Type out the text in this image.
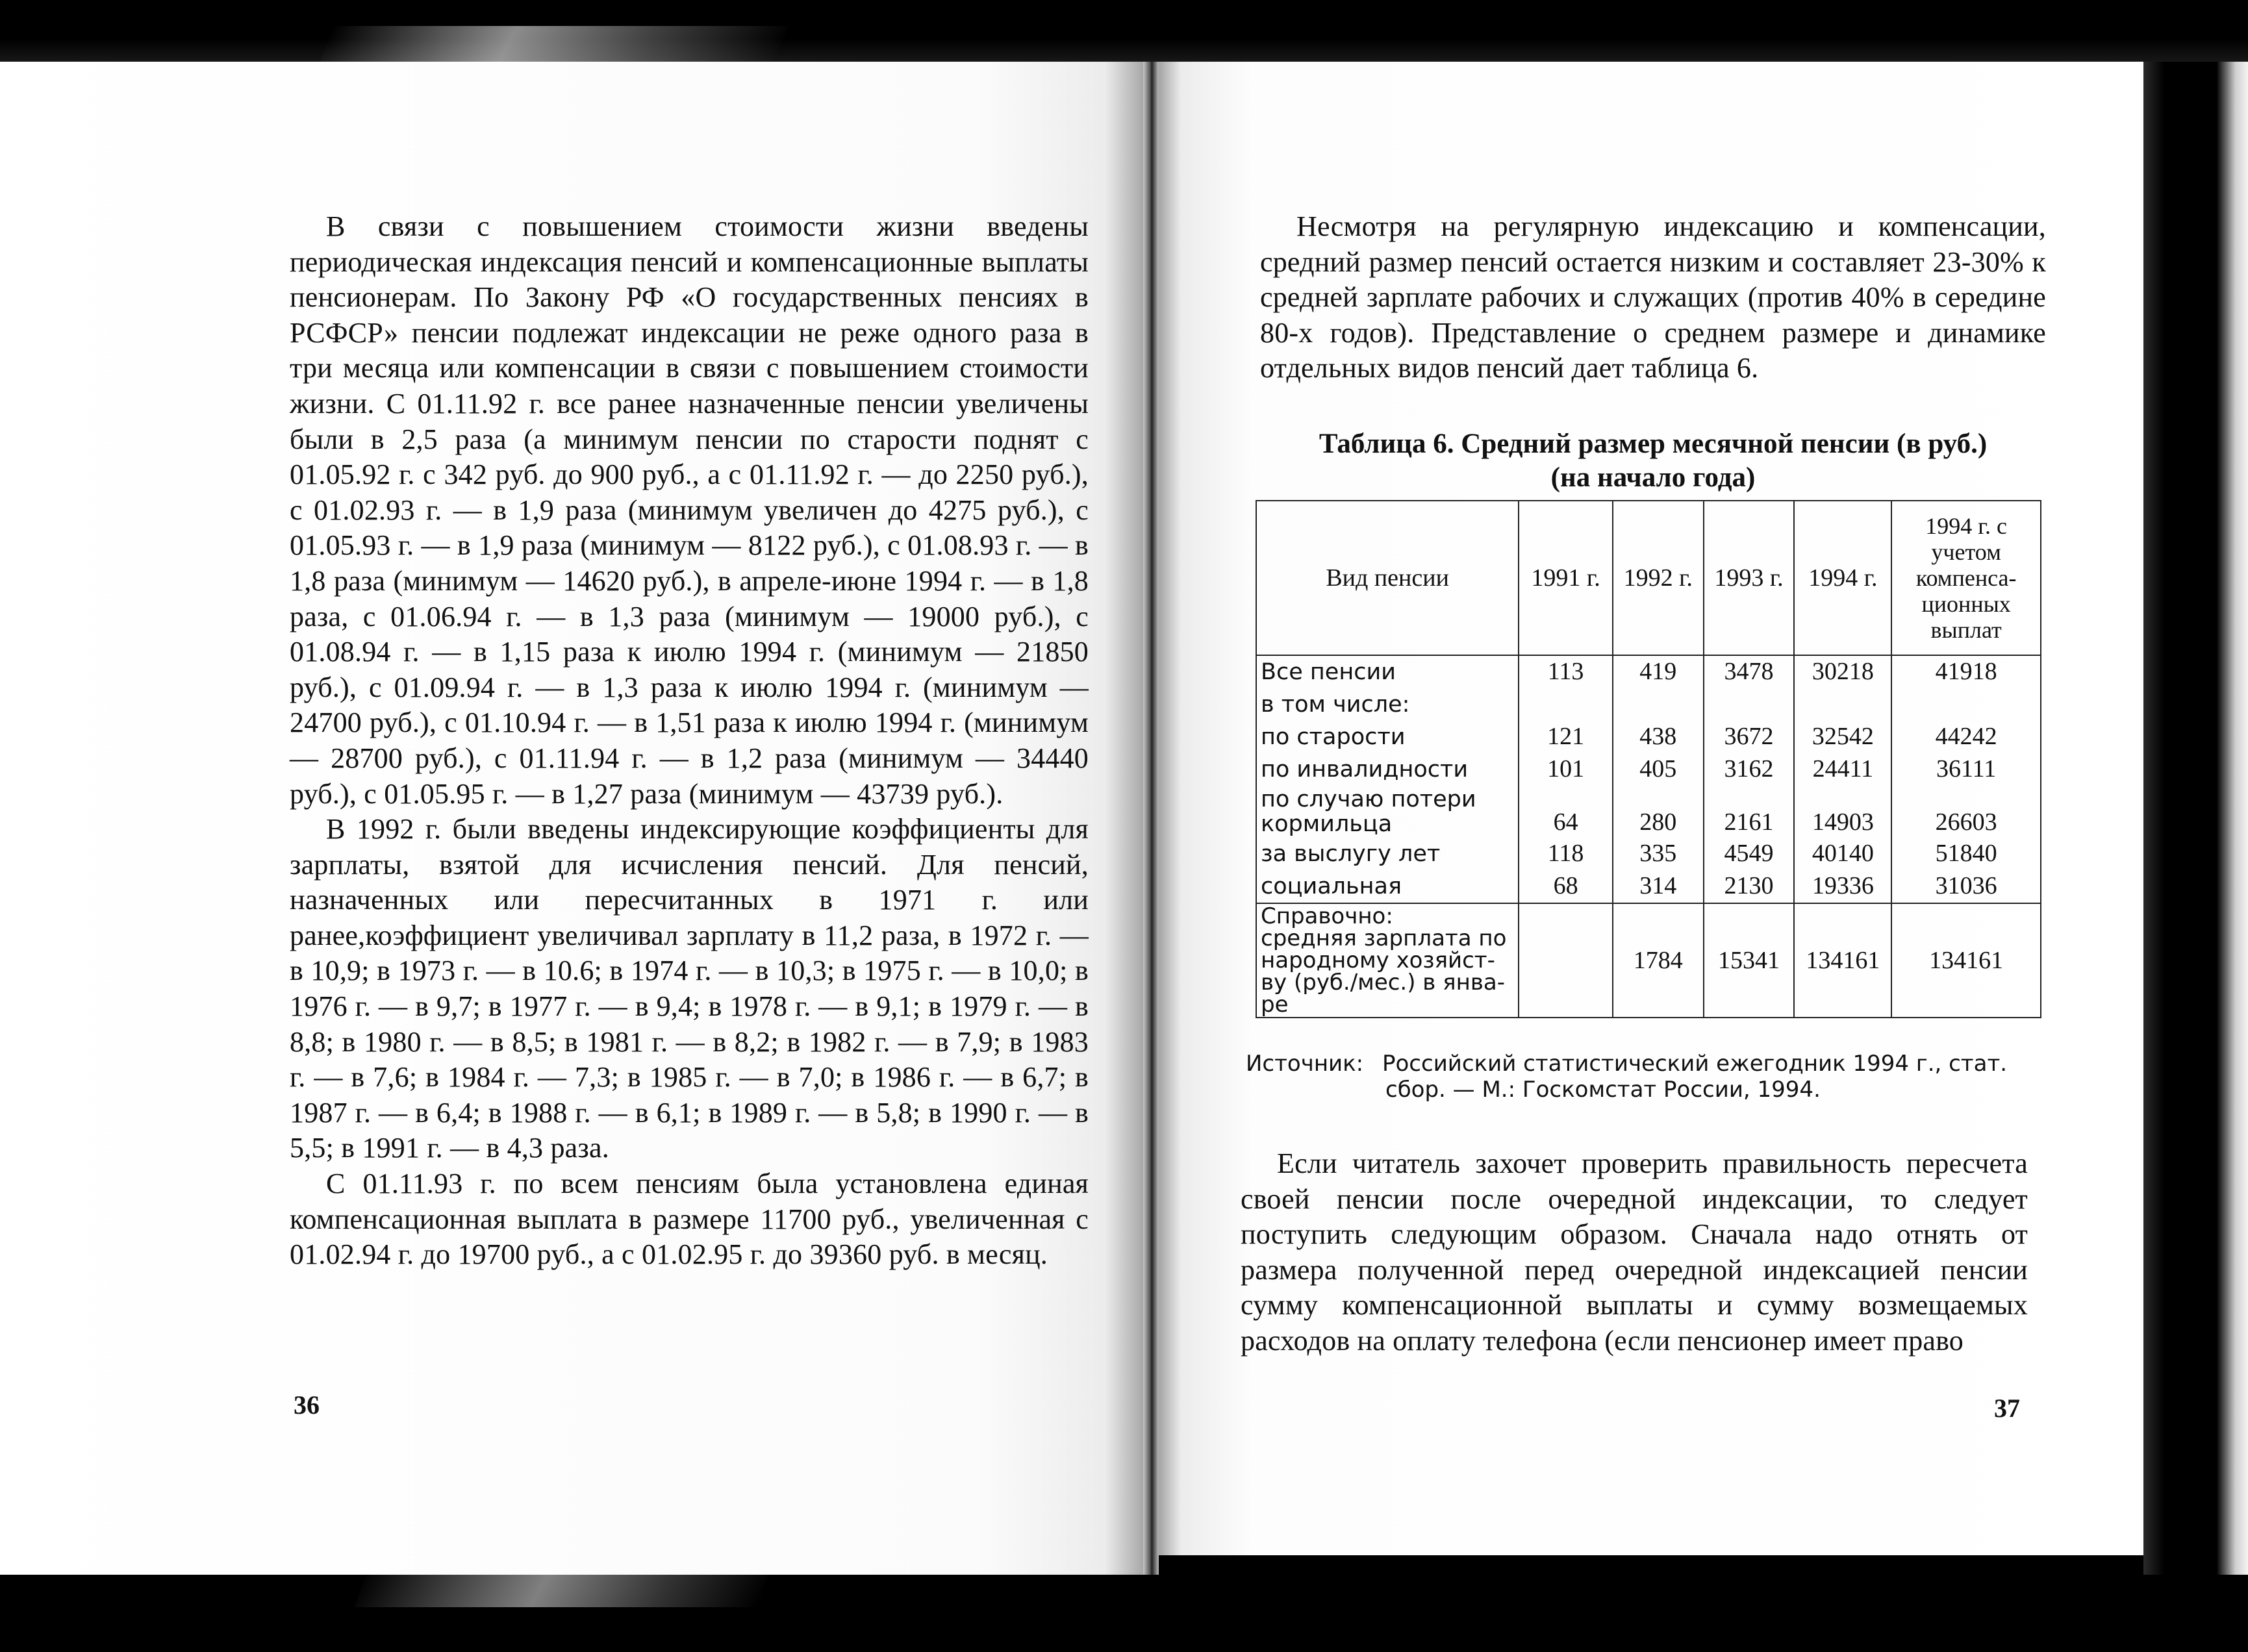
В связи с повышением стоимости жизни введены периодическая индексация пенсий и компенсационные выплаты пенсионерам. По Закону РФ «О государственных пенсиях в РСФСР» пенсии подлежат индексации не реже одного раза в три месяца или компенсации в связи с повышением стоимости жизни. С 01.11.92 г. все ранее назначенные пенсии увеличены были в 2,5 раза (а минимум пенсии по старости поднят с 01.05.92 г. с 342 руб. до 900 руб., а с 01.11.92 г. — до 2250 руб.), с 01.02.93 г. — в 1,9 раза (минимум увеличен до 4275 руб.), с 01.05.93 г. — в 1,9 раза (минимум — 8122 руб.), с 01.08.93 г. — в 1,8 раза (минимум — 14620 руб.), в апреле-июне 1994 г. — в 1,8 раза, с 01.06.94 г. — в 1,3 раза (минимум — 19000 руб.), с 01.08.94 г. — в 1,15 раза к июлю 1994 г. (минимум — 21850 руб.), с 01.09.94 г. — в 1,3 раза к июлю 1994 г. (минимум — 24700 руб.), с 01.10.94 г. — в 1,51 раза к июлю 1994 г. (минимум — 28700 руб.), с 01.11.94 г. — в 1,2 раза (минимум — 34440 руб.), с 01.05.95 г. — в 1,27 раза (минимум — 43739 руб.).

В 1992 г. были введены индексирующие коэффициенты для зарплаты, взятой для исчисления пенсий. Для пенсий, назначенных или пересчитанных в 1971 г. или ранее,коэффициент увеличивал зарплату в 11,2 раза, в 1972 г. — в 10,9; в 1973 г. — в 10.6; в 1974 г. — в 10,3; в 1975 г. — в 10,0; в 1976 г. — в 9,7; в 1977 г. — в 9,4; в 1978 г. — в 9,1; в 1979 г. — в 8,8; в 1980 г. — в 8,5; в 1981 г. — в 8,2; в 1982 г. — в 7,9; в 1983 г. — в 7,6; в 1984 г. — 7,3; в 1985 г. — в 7,0; в 1986 г. — в 6,7; в 1987 г. — в 6,4; в 1988 г. — в 6,1; в 1989 г. — в 5,8; в 1990 г. — в 5,5; в 1991 г. — в 4,3 раза.

С 01.11.93 г. по всем пенсиям была установлена единая компенсационная выплата в размере 11700 руб., увеличенная с 01.02.94 г. до 19700 руб., а с 01.02.95 г. до 39360 руб. в месяц.

36

Несмотря на регулярную индексацию и компенсации, средний размер пенсий остается низким и составляет 23-30% к средней зарплате рабочих и служащих (против 40% в середине 80-х годов). Представление о среднем размере и динамике отдельных видов пенсий дает таблица 6.

Таблица 6. Средний размер месячной пенсии (в руб.)
(на начало года)
Вид пенсии	1991 г.	1992 г.	1993 г.	1994 г.	1994 г. с учетом компенса-ционных выплат
Все пенсии	113	419	3478	30218	41918
в том числе:					
по старости	121	438	3672	32542	44242
по инвалидности	101	405	3162	24411	36111
по случаю потери кормильца	64	280	2161	14903	26603
за выслугу лет	118	335	4549	40140	51840
социальная	68	314	2130	19336	31036

Справочно:
средняя зарплата по
народному хозяйст-
ву (руб./мес.) в янва-
ре		1784	15341	134161	134161
Источник: Российский статистический ежегодник 1994 г., стат.
сбор. — М.: Госкомстат России, 1994.

Если читатель захочет проверить правильность пересчета своей пенсии после очередной индексации, то следует поступить следующим образом. Сначала надо отнять от размера полученной перед очередной индексацией пенсии сумму компенсационной выплаты и сумму возмещаемых расходов на оплату телефона (если пенсионер имеет право

37
